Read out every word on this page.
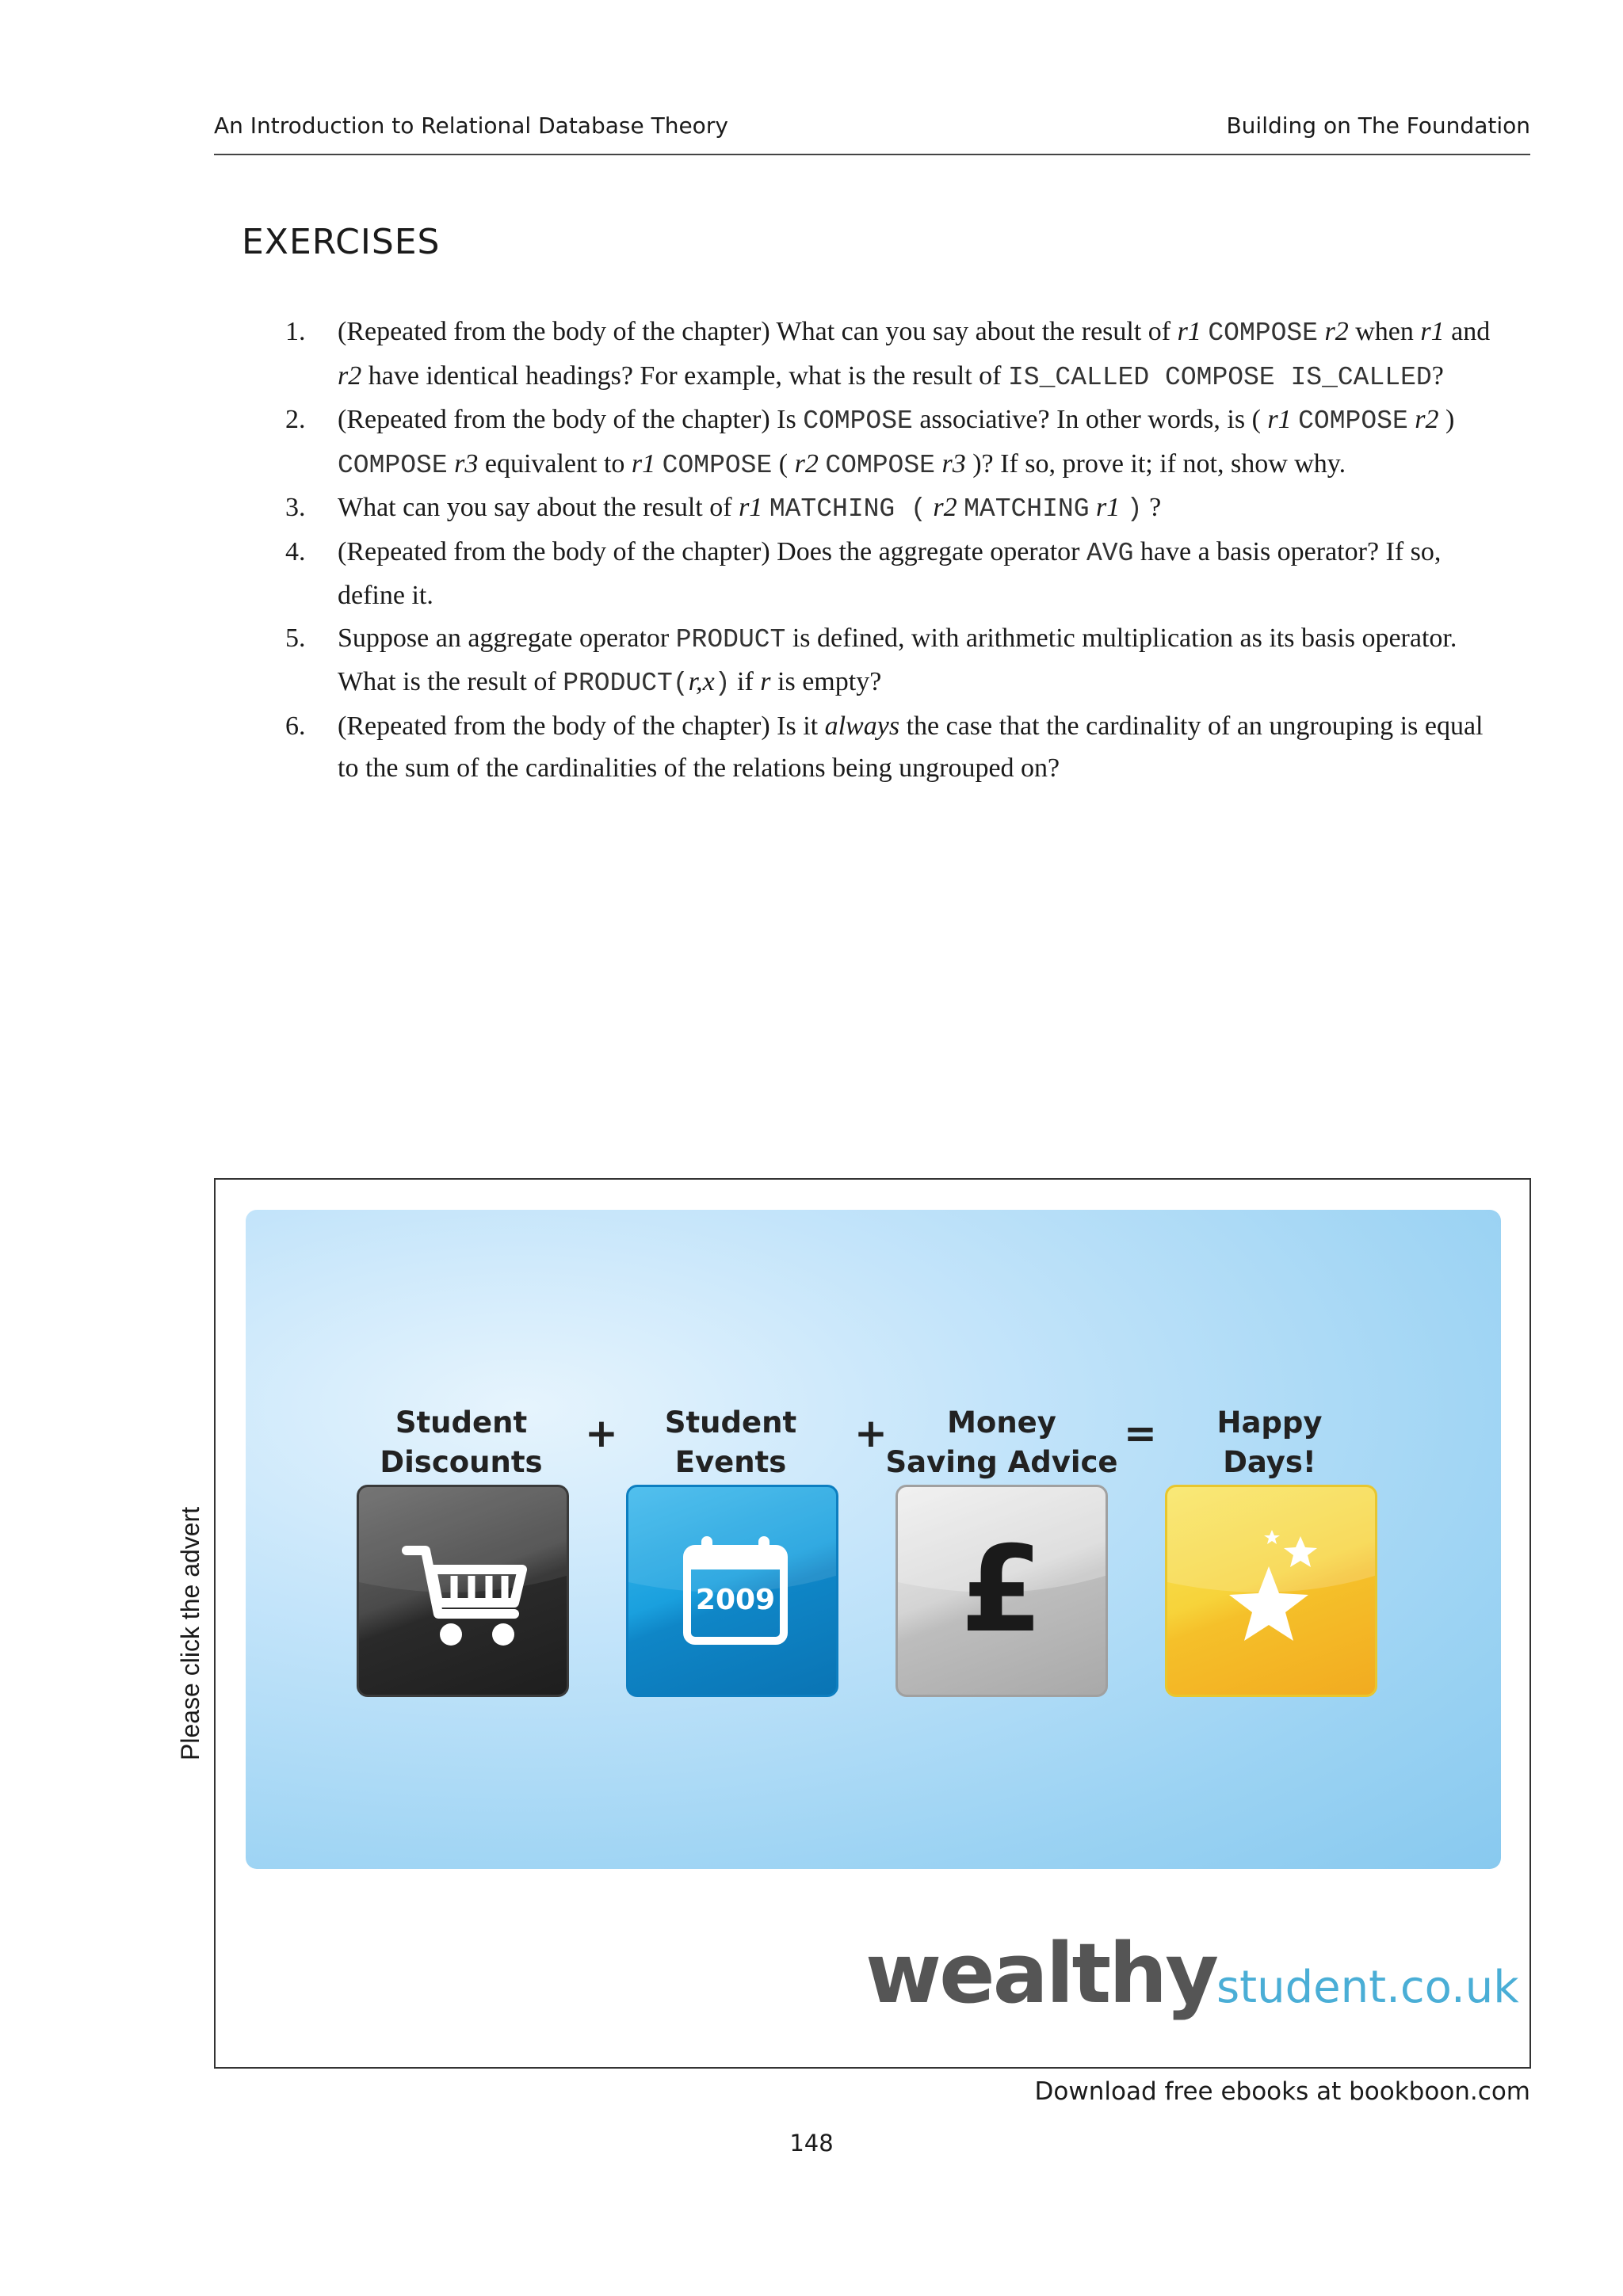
An Introduction to Relational Database Theory	Building on The Foundation
EXERCISES
1. (Repeated from the body of the chapter) What can you say about the result of r1 COMPOSE r2 when r1 and r2 have identical headings? For example, what is the result of IS_CALLED COMPOSE IS_CALLED?
2. (Repeated from the body of the chapter) Is COMPOSE associative? In other words, is ( r1 COMPOSE r2 ) COMPOSE r3 equivalent to r1 COMPOSE ( r2 COMPOSE r3 )? If so, prove it; if not, show why.
3. What can you say about the result of r1 MATCHING ( r2 MATCHING r1 ) ?
4. (Repeated from the body of the chapter) Does the aggregate operator AVG have a basis operator? If so, define it.
5. Suppose an aggregate operator PRODUCT is defined, with arithmetic multiplication as its basis operator. What is the result of PRODUCT(r,x) if r is empty?
6. (Repeated from the body of the chapter) Is it always the case that the cardinality of an ungrouping is equal to the sum of the cardinalities of the relations being ungrouped on?
Student
Discounts
+	Student
Events
+	Money
Saving Advice
=	Happy
Days!
2009	£
wealthystudent.co.uk
Please click the advert
Download free ebooks at bookboon.com
148
